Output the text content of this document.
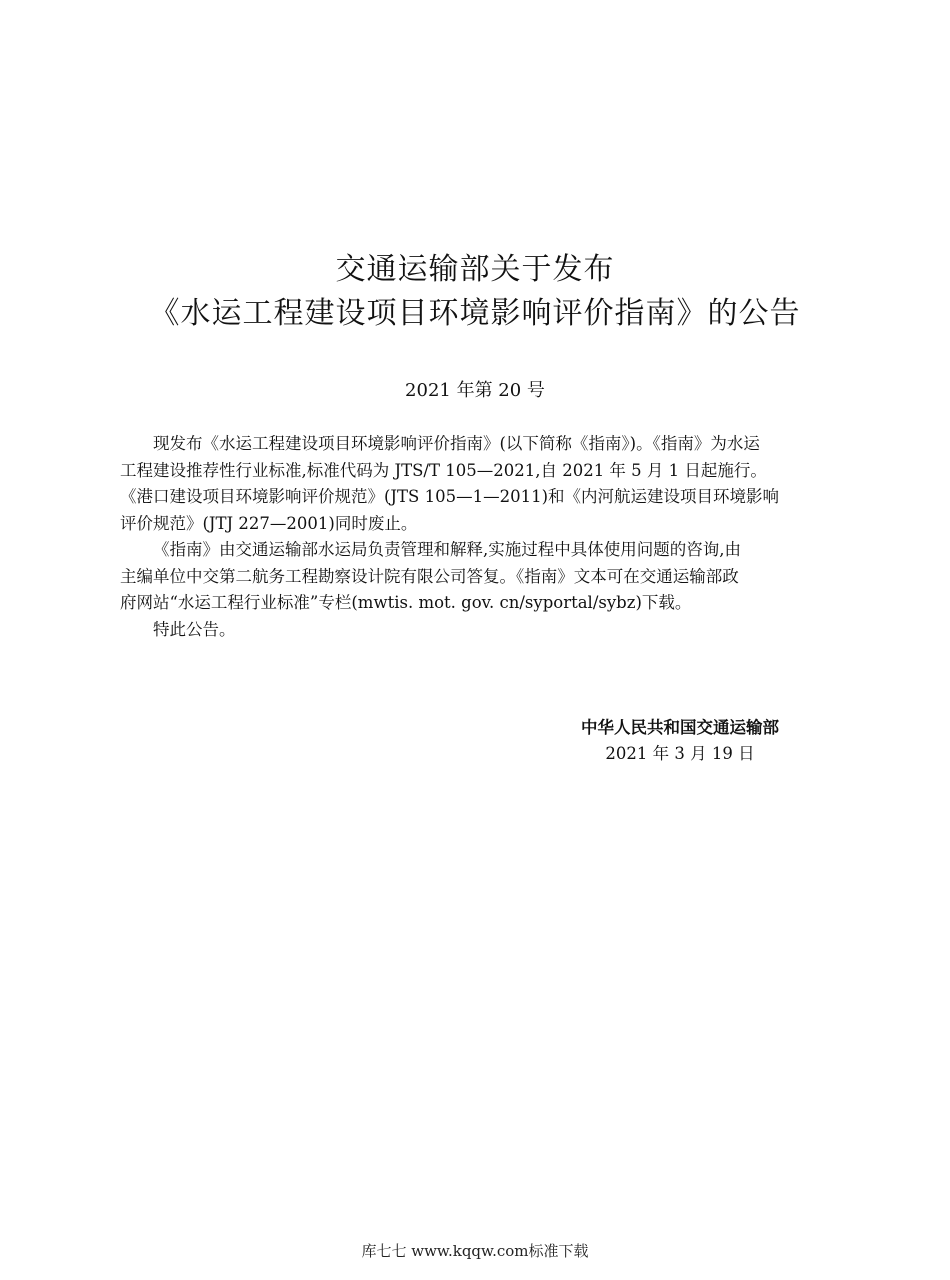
交通运输部关于发布
《水运工程建设项目环境影响评价指南》的公告
2021 年第 20 号

现发布《水运工程建设项目环境影响评价指南》(以下简称《指南》)。《指南》为水运
工程建设推荐性行业标准,标准代码为 JTS/T 105—2021,自 2021 年 5 月 1 日起施行。
《港口建设项目环境影响评价规范》(JTS 105—1—2011)和《内河航运建设项目环境影响
评价规范》(JTJ 227—2001)同时废止。

《指南》由交通运输部水运局负责管理和解释,实施过程中具体使用问题的咨询,由
主编单位中交第二航务工程勘察设计院有限公司答复。《指南》文本可在交通运输部政
府网站“水运工程行业标准”专栏(mwtis. mot. gov. cn/syportal/sybz)下载。

特此公告。

中华人民共和国交通运输部
2021 年 3 月 19 日
库七七 www.kqqw.com标准下载
